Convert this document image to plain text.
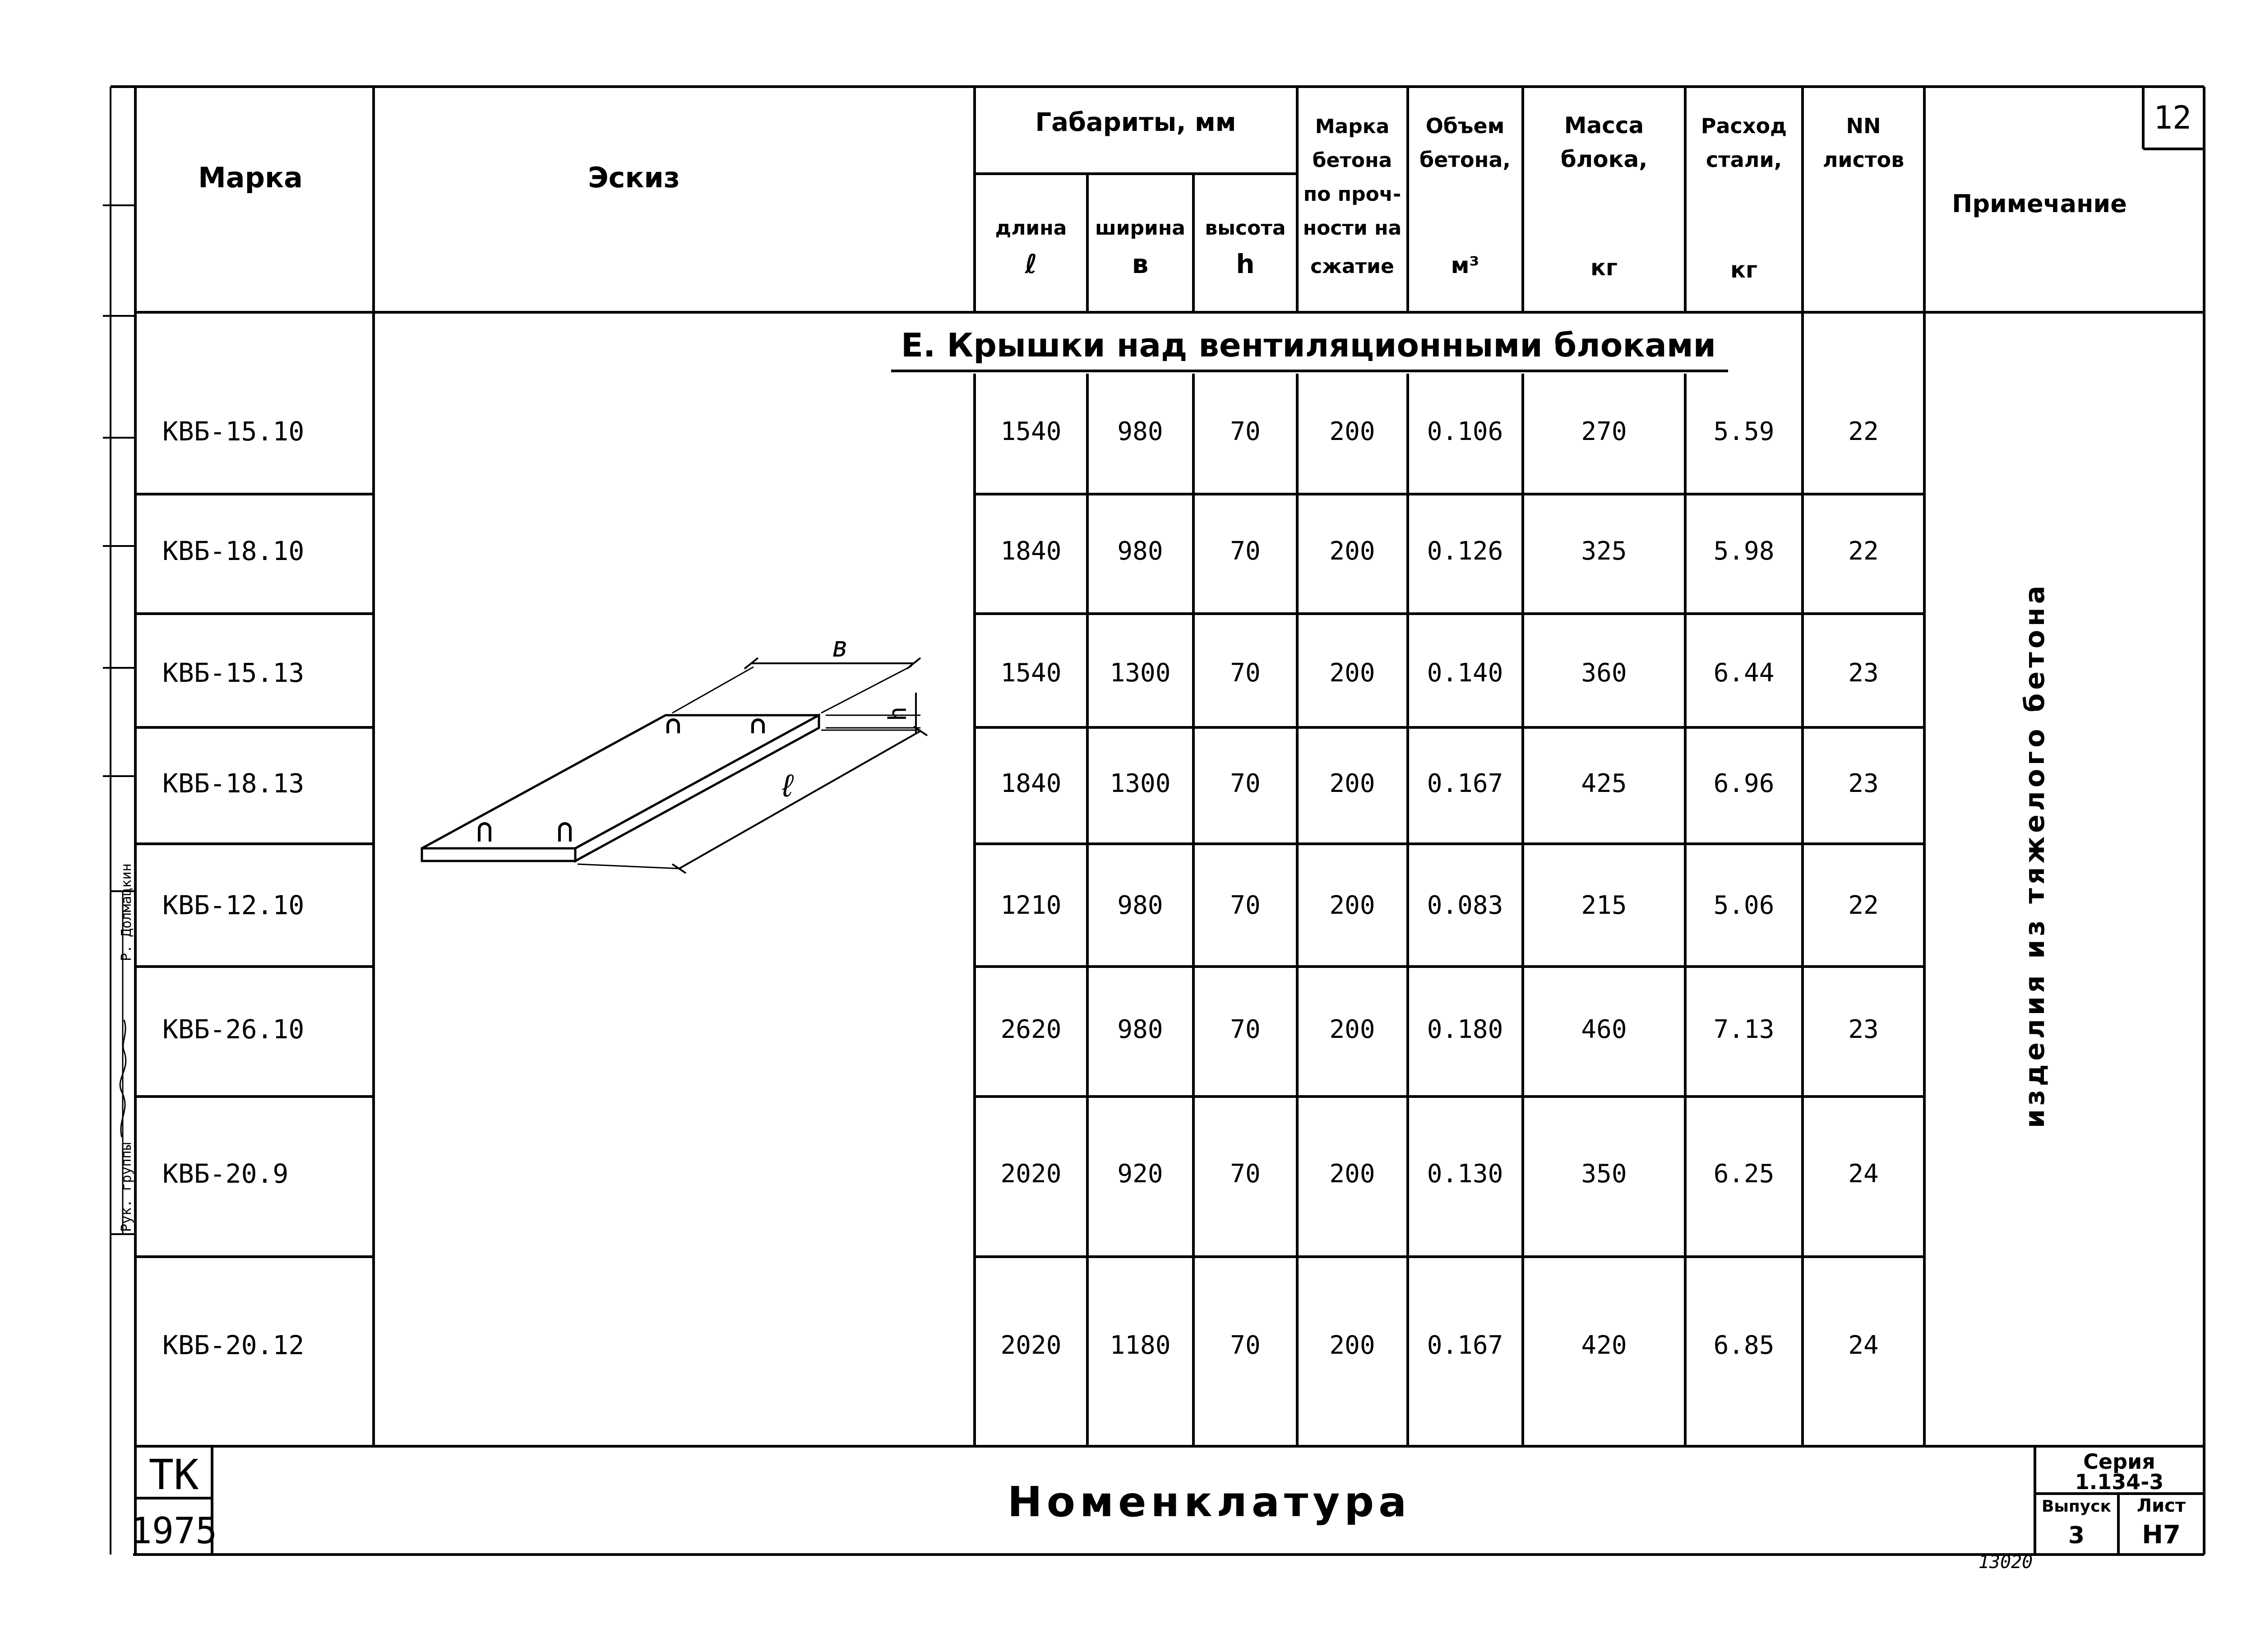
12
Марка	Эскиз
Габариты, мм
длина
ℓ
ширина
в
высота
h
Марка
бетона
по проч-
ности на
сжатие
Объем
бетона,
м³
Масса
блока,
кг
Расход
стали,
кг
NN
листов
Примечание
Е. Крышки над вентиляционными блоками
изделия из тяжелого бетона
КВБ-15.10	1540 980	70	200 0.106	270	5.59	22
КВБ-18.10	1840 980	70	200 0.126	325	5.98	22
КВБ-15.13	1540 1300 70	200 0.140	360	6.44	23
КВБ-18.13	1840 1300 70	200 0.167	425	6.96	23
КВБ-12.10	1210 980	70	200 0.083	215	5.06	22
КВБ-26.10	2620 980	70	200 0.180	460	7.13	23
КВБ-20.9	2020 920	70	200 0.130	350	6.25	24
КВБ-20.12	2020 1180 70	200 0.167	420	6.85	24
в
h
ℓ
Рук. группы
Р. Долмацкин
ТК
1975
Номенклатура
Серия
1.134-3
Выпуск
3
Лист
Н7
13020
